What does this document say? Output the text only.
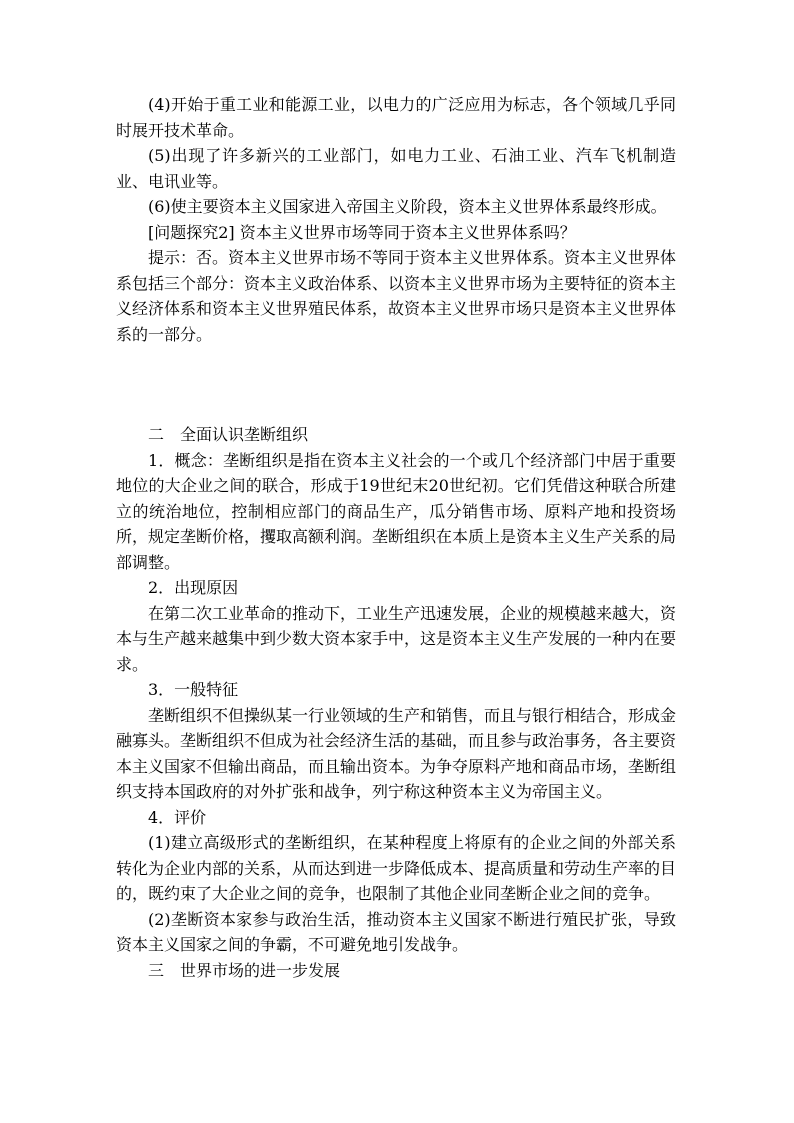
(4)开始于重工业和能源工业，以电力的广泛应用为标志，各个领域几乎同时展开技术革命。

(5)出现了许多新兴的工业部门，如电力工业、石油工业、汽车飞机制造业、电讯业等。

(6)使主要资本主义国家进入帝国主义阶段，资本主义世界体系最终形成。

[问题探究2] 资本主义世界市场等同于资本主义世界体系吗？

提示：否。资本主义世界市场不等同于资本主义世界体系。资本主义世界体系包括三个部分：资本主义政治体系、以资本主义世界市场为主要特征的资本主义经济体系和资本主义世界殖民体系，故资本主义世界市场只是资本主义世界体系的一部分。

二　全面认识垄断组织

1．概念：垄断组织是指在资本主义社会的一个或几个经济部门中居于重要地位的大企业之间的联合，形成于19世纪末20世纪初。它们凭借这种联合所建立的统治地位，控制相应部门的商品生产，瓜分销售市场、原料产地和投资场所，规定垄断价格，攫取高额利润。垄断组织在本质上是资本主义生产关系的局部调整。

2．出现原因

在第二次工业革命的推动下，工业生产迅速发展，企业的规模越来越大，资本与生产越来越集中到少数大资本家手中，这是资本主义生产发展的一种内在要求。

3．一般特征

垄断组织不但操纵某一行业领域的生产和销售，而且与银行相结合，形成金融寡头。垄断组织不但成为社会经济生活的基础，而且参与政治事务，各主要资本主义国家不但输出商品，而且输出资本。为争夺原料产地和商品市场，垄断组织支持本国政府的对外扩张和战争，列宁称这种资本主义为帝国主义。

4．评价

(1)建立高级形式的垄断组织，在某种程度上将原有的企业之间的外部关系转化为企业内部的关系，从而达到进一步降低成本、提高质量和劳动生产率的目的，既约束了大企业之间的竞争，也限制了其他企业同垄断企业之间的竞争。

(2)垄断资本家参与政治生活，推动资本主义国家不断进行殖民扩张，导致资本主义国家之间的争霸，不可避免地引发战争。

三　世界市场的进一步发展
